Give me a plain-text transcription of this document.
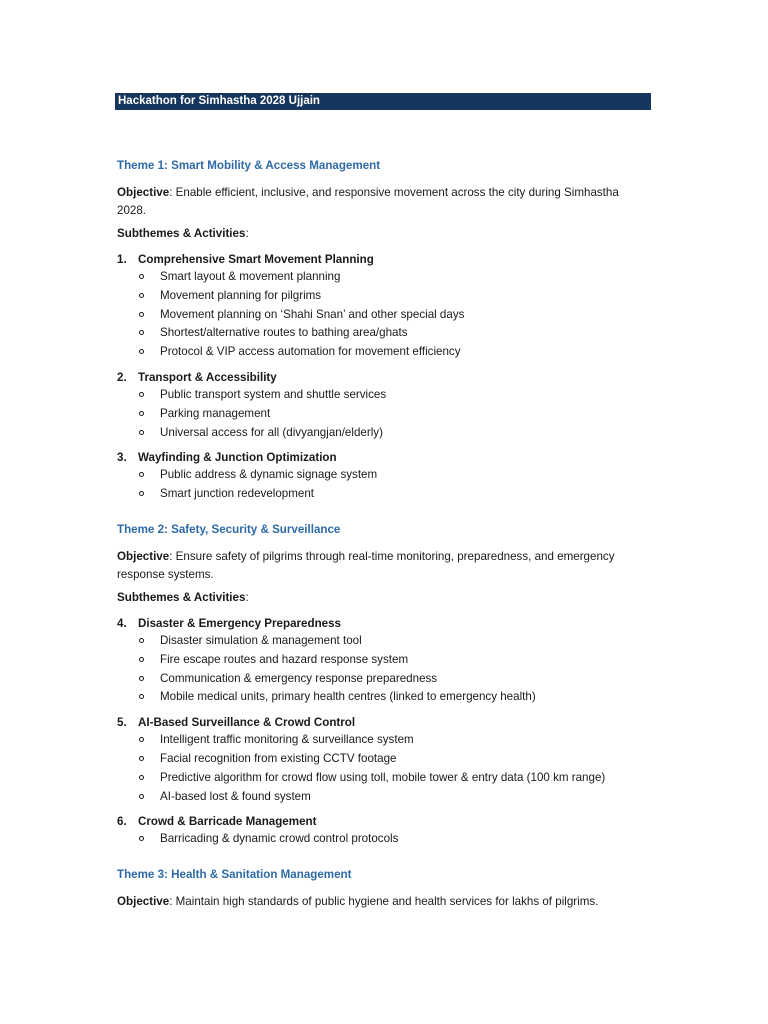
Hackathon for Simhastha 2028 Ujjain

Theme 1: Smart Mobility & Access Management

Objective: Enable efficient, inclusive, and responsive movement across the city during Simhastha 2028.

Subthemes & Activities:

1. Comprehensive Smart Movement Planning

Smart layout & movement planning
Movement planning for pilgrims
Movement planning on ‘Shahi Snan’ and other special days
Shortest/alternative routes to bathing area/ghats
Protocol & VIP access automation for movement efficiency

2. Transport & Accessibility

Public transport system and shuttle services
Parking management
Universal access for all (divyangjan/elderly)

3. Wayfinding & Junction Optimization

Public address & dynamic signage system
Smart junction redevelopment

Theme 2: Safety, Security & Surveillance

Objective: Ensure safety of pilgrims through real-time monitoring, preparedness, and emergency response systems.

Subthemes & Activities:

4. Disaster & Emergency Preparedness

Disaster simulation & management tool
Fire escape routes and hazard response system
Communication & emergency response preparedness
Mobile medical units, primary health centres (linked to emergency health)

5. AI-Based Surveillance & Crowd Control

Intelligent traffic monitoring & surveillance system
Facial recognition from existing CCTV footage
Predictive algorithm for crowd flow using toll, mobile tower & entry data (100 km range)
AI-based lost & found system

6. Crowd & Barricade Management

Barricading & dynamic crowd control protocols

Theme 3: Health & Sanitation Management

Objective: Maintain high standards of public hygiene and health services for lakhs of pilgrims.
